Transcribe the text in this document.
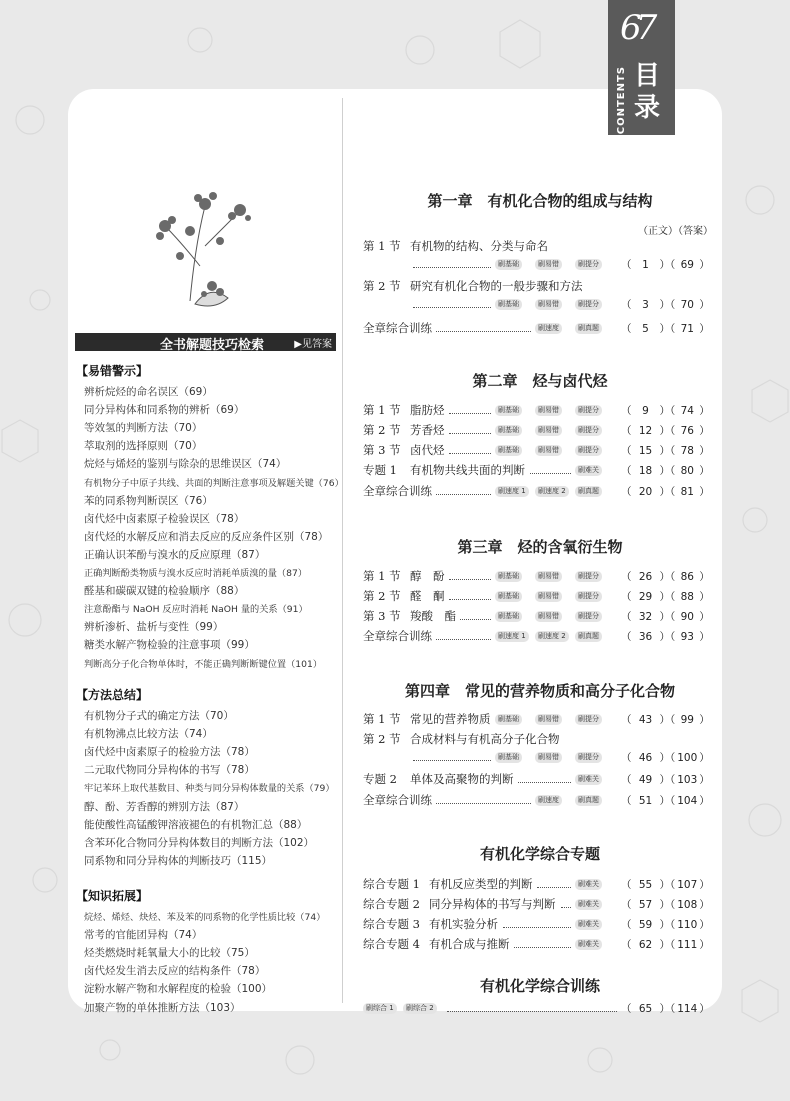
67
CONTENTS 目录
全书解题技巧检索	▶见答案
【易错警示】
辨析烷烃的命名误区（69）
同分异构体和同系物的辨析（69）
等效氢的判断方法（70）
萃取剂的选择原则（70）
烷烃与烯烃的鉴别与除杂的思维误区（74）
有机物分子中原子共线、共面的判断注意事项及解题关键（76）
苯的同系物判断误区（76）
卤代烃中卤素原子检验误区（78）
卤代烃的水解反应和消去反应的反应条件区别（78）
正确认识苯酚与溴水的反应原理（87）
正确判断酚类物质与溴水反应时消耗单质溴的量（87）
醛基和碳碳双键的检验顺序（88）
注意酚酯与 NaOH 反应时消耗 NaOH 量的关系（91）
辨析渗析、盐析与变性（99）
糖类水解产物检验的注意事项（99）
判断高分子化合物单体时，不能正确判断断键位置（101）
【方法总结】
有机物分子式的确定方法（70）
有机物沸点比较方法（74）
卤代烃中卤素原子的检验方法（78）
二元取代物同分异构体的书写（78）
牢记苯环上取代基数目、种类与同分异构体数量的关系（79）
醇、酚、芳香醇的辨别方法（87）
能使酸性高锰酸钾溶液褪色的有机物汇总（88）
含苯环化合物同分异构体数目的判断方法（102）
同系物和同分异构体的判断技巧（115）
【知识拓展】
烷烃、烯烃、炔烃、苯及苯的同系物的化学性质比较（74）
常考的官能团异构（74）
烃类燃烧时耗氧量大小的比较（75）
卤代烃发生消去反应的结构条件（78）
淀粉水解产物和水解程度的检验（100）
加聚产物的单体推断方法（103）
第一章　有机化合物的组成与结构
第 1 节 有机物的结构、分类与命名
刷基础	刷易错	刷提分 （ 1 ）（ 69 ）
第 2 节 研究有机化合物的一般步骤和方法
刷基础	刷易错	刷提分 （ 3 ）（ 70 ）
全章综合训练	刷速度	刷真题 （ 5 ）（ 71 ）
第二章　烃与卤代烃
第 1 节 脂肪烃	刷基础	刷易错	刷提分 （ 9 ）（ 74 ）
第 2 节 芳香烃	刷基础	刷易错	刷提分 （ 12 ）（ 76 ）
第 3 节 卤代烃	刷基础	刷易错	刷提分 （ 15 ）（ 78 ）
专题 1 有机物共线共面的判断	刷难关 （ 18 ）（ 80 ）
全章综合训练	刷速度 1	刷速度 2	刷真题 （ 20 ）（ 81 ）
第三章　烃的含氧衍生物
第 1 节 醇　酚	刷基础	刷易错	刷提分 （ 26 ）（ 86 ）
第 2 节 醛　酮	刷基础	刷易错	刷提分 （ 29 ）（ 88 ）
第 3 节 羧酸　酯	刷基础	刷易错	刷提分 （ 32 ）（ 90 ）
全章综合训练	刷速度 1	刷速度 2	刷真题 （ 36 ）（ 93 ）
第四章　常见的营养物质和高分子化合物
第 1 节 常见的营养物质	刷基础	刷易错	刷提分 （ 43 ）（ 99 ）
第 2 节 合成材料与有机高分子化合物
刷基础	刷易错	刷提分 （ 46 ）（ 100 ）
专题 2 单体及高聚物的判断	刷难关 （ 49 ）（ 103 ）
全章综合训练	刷速度	刷真题 （ 51 ）（ 104 ）
有机化学综合专题
综合专题 1 有机反应类型的判断	刷难关 （ 55 ）（ 107 ）
综合专题 2 同分异构体的书写与判断	刷难关 （ 57 ）（ 108 ）
综合专题 3 有机实验分析	刷难关 （ 59 ）（ 110 ）
综合专题 4 有机合成与推断	刷难关 （ 62 ）（ 111 ）
有机化学综合训练
刷综合 1	刷综合 2	（ 65 ）（ 114 ）
（正文）（答案）
